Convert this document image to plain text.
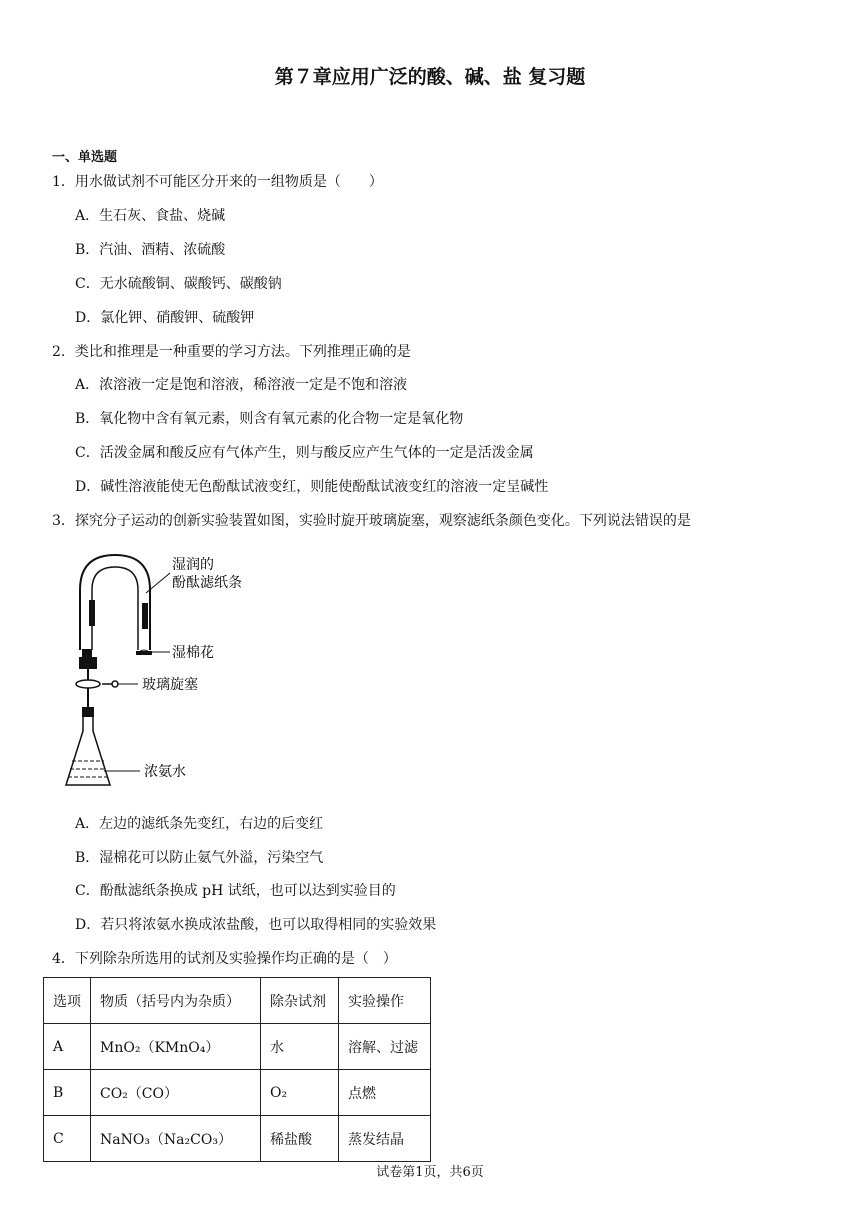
第７章应用广泛的酸、碱、盐 复习题
一、单选题
1．用水做试剂不可能区分开来的一组物质是（　　）
A．生石灰、食盐、烧碱
B．汽油、酒精、浓硫酸
C．无水硫酸铜、碳酸钙、碳酸钠
D．氯化钾、硝酸钾、硫酸钾
2．类比和推理是一种重要的学习方法。下列推理正确的是
A．浓溶液一定是饱和溶液，稀溶液一定是不饱和溶液
B．氧化物中含有氧元素，则含有氧元素的化合物一定是氧化物
C．活泼金属和酸反应有气体产生，则与酸反应产生气体的一定是活泼金属
D．碱性溶液能使无色酚酞试液变红，则能使酚酞试液变红的溶液一定呈碱性
3．探究分子运动的创新实验装置如图，实验时旋开玻璃旋塞，观察滤纸条颜色变化。下列说法错误的是
湿润的
酚酞滤纸条
湿棉花
玻璃旋塞
浓氨水
A．左边的滤纸条先变红，右边的后变红
B．湿棉花可以防止氨气外溢，污染空气
C．酚酞滤纸条换成 pH 试纸，也可以达到实验目的
D．若只将浓氨水换成浓盐酸，也可以取得相同的实验效果
4．下列除杂所选用的试剂及实验操作均正确的是（　）
选项	物质（括号内为杂质）	除杂试剂	实验操作
A	MnO₂（KMnO₄）	水	溶解、过滤
B	CO₂（CO）	O₂	点燃
C	NaNO₃（Na₂CO₃）	稀盐酸	蒸发结晶
试卷第1页，共6页
